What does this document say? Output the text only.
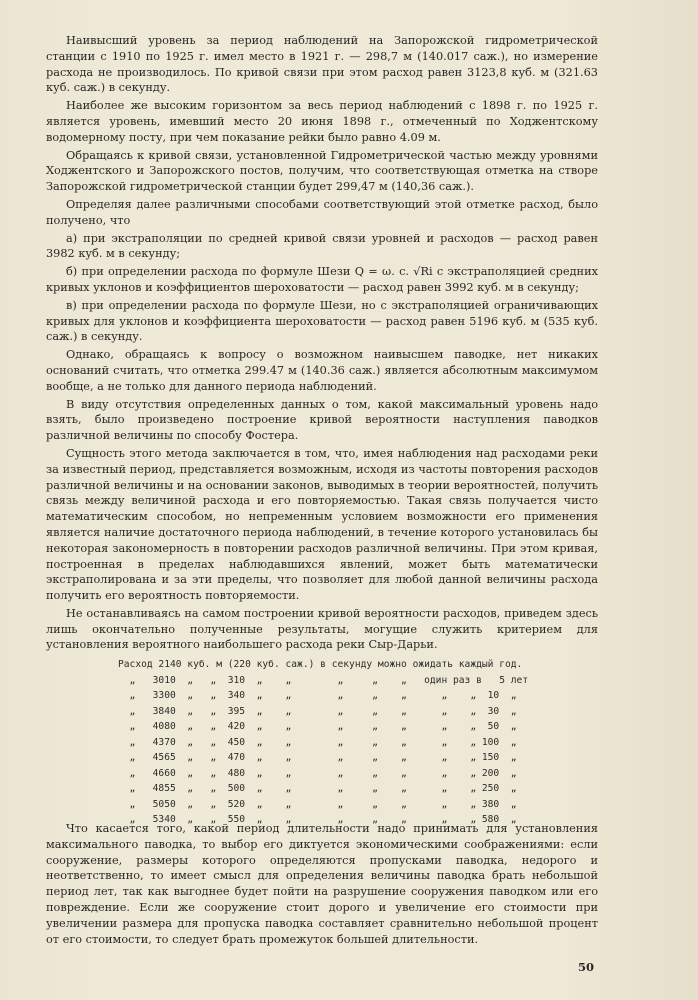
Наивысший уровень за период наблюдений на Запорожской гидрометрической станции с 1910 по 1925 г. имел место в 1921 г. — 298,7 м (140.017 саж.), но измерение расхода не производилось. По кривой связи при этом расход равен 3123,8 куб. м (321.63 куб. саж.) в секунду.

Наиболее же высоким горизонтом за весь период наблюдений с 1898 г. по 1925 г. является уровень, имевший место 20 июня 1898 г., отмеченный по Ходжентскому водомерному посту, при чем показание рейки было равно 4.09 м.

Обращаясь к кривой связи, установленной Гидрометрической частью между уровнями Ходжентского и Запорожского постов, получим, что соответствующая отметка на створе Запорожской гидрометрической станции будет 299,47 м (140,36 саж.).

Определяя далее различными способами соответствующий этой отметке расход, было получено, что

а) при экстраполяции по средней кривой связи уровней и расходов — расход равен 3982 куб. м в секунду;

б) при определении расхода по формуле Шези Q = ω. c. √Ri с экстраполяцией средних кривых уклонов и коэффициентов шероховатости — расход равен 3992 куб. м в секунду;

в) при определении расхода по формуле Шези, но с экстраполяцией ограничивающих кривых для уклонов и коэффициента шероховатости — расход равен 5196 куб. м (535 куб. саж.) в секунду.

Однако, обращаясь к вопросу о возможном наивысшем паводке, нет никаких оснований считать, что отметка 299.47 м (140.36 саж.) является абсолютным максимумом вообще, а не только для данного периода наблюдений.

В виду отсутствия определенных данных о том, какой максимальный уровень надо взять, было произведено построение кривой вероятности наступления паводков различной величины по способу Фостера.

Сущность этого метода заключается в том, что, имея наблюдения над расходами реки за известный период, представляется возможным, исходя из частоты повторения расходов различной величины и на основании законов, выводимых в теории вероятностей, получить связь между величиной расхода и его повторяемостью. Такая связь получается чисто математическим способом, но непременным условием возможности его применения является наличие достаточного периода наблюдений, в течение которого установилась бы некоторая закономерность в повторении расходов различной величины. При этом кривая, построенная в пределах наблюдавшихся явлений, может быть математически экстраполирована и за эти пределы, что позволяет для любой данной величины расхода получить его вероятность повторяемости.

Не останавливаясь на самом построении кривой вероятности расходов, приведем здесь лишь окончательно полученные результаты, могущие служить критерием для установления вероятного наибольшего расхода реки Сыр-Дарьи.

Расход 2140 куб. м (220 куб. саж.) в секунду можно ожидать каждый год.
„   3010  „   „  310  „    „        „     „    „   один раз в   5 лет
„   3300  „   „  340  „    „        „     „    „      „    „  10  „
„   3840  „   „  395  „    „        „     „    „      „    „  30  „
„   4080  „   „  420  „    „        „     „    „      „    „  50  „
„   4370  „   „  450  „    „        „     „    „      „    „ 100  „
„   4565  „   „  470  „    „        „     „    „      „    „ 150  „
„   4660  „   „  480  „    „        „     „    „      „    „ 200  „
„   4855  „   „  500  „    „        „     „    „      „    „ 250  „
„   5050  „   „  520  „    „        „     „    „      „    „ 380  „
„   5340  „   „  550  „    „        „     „    „      „    „ 580  „

Что касается того, какой период длительности надо принимать для установления максимального паводка, то выбор его диктуется экономическими соображениями: если сооружение, размеры которого определяются пропусками паводка, недорого и неответственно, то имеет смысл для определения величины паводка брать небольшой период лет, так как выгоднее будет пойти на разрушение сооружения паводком или его повреждение. Если же сооружение стоит дорого и увеличение его стоимости при увеличении размера для пропуска паводка составляет сравнительно небольшой процент от его стоимости, то следует брать промежуток большей длительности.

50
